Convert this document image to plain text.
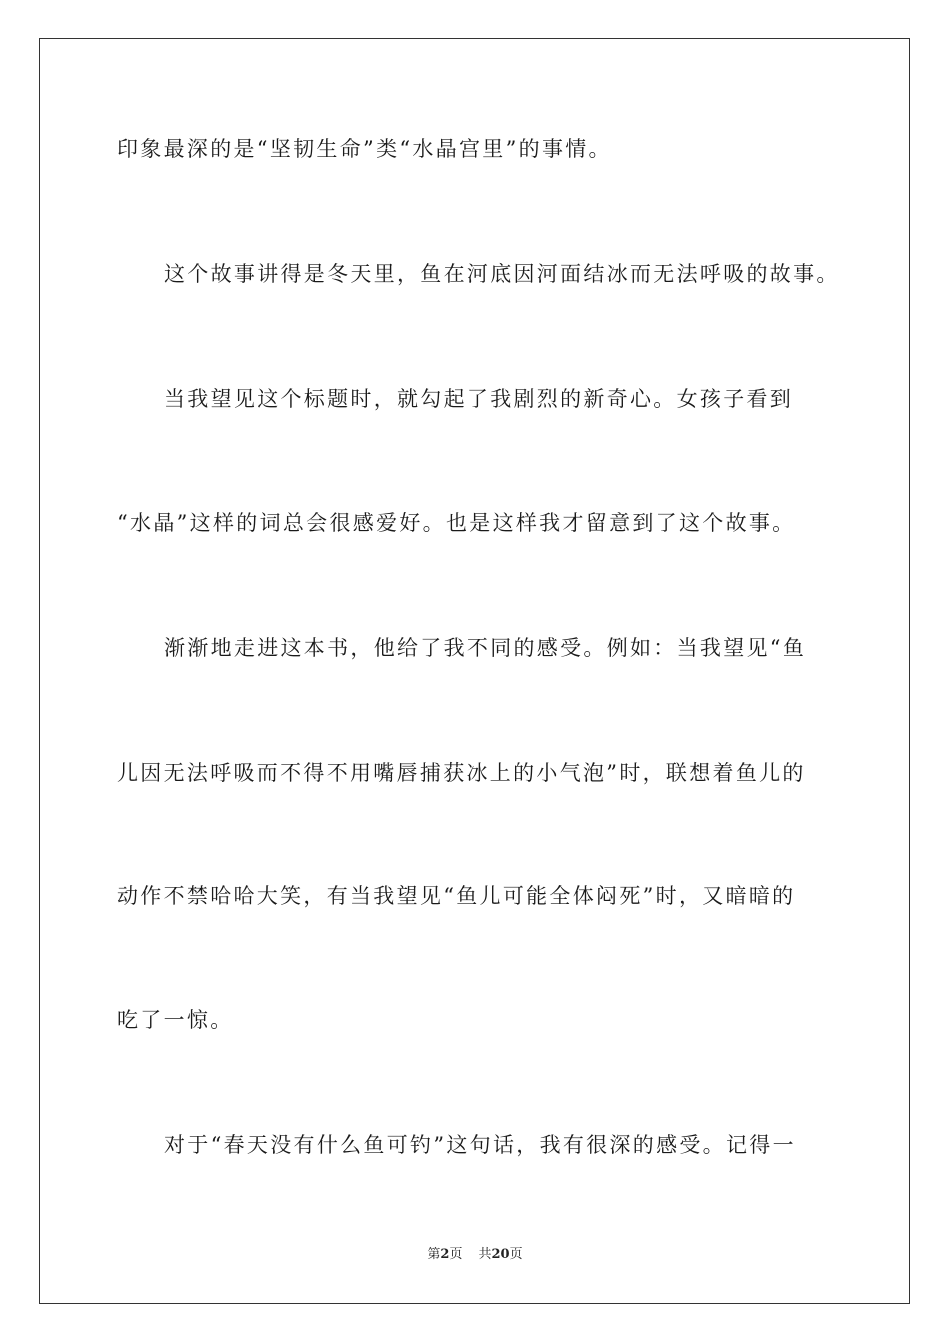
印象最深的是“坚韧生命”类“水晶宫里”的事情。
这个故事讲得是冬天里，鱼在河底因河面结冰而无法呼吸的故事。
当我望见这个标题时，就勾起了我剧烈的新奇心。女孩子看到
“水晶”这样的词总会很感爱好。也是这样我才留意到了这个故事。
渐渐地走进这本书，他给了我不同的感受。例如：当我望见“鱼
儿因无法呼吸而不得不用嘴唇捕获冰上的小气泡”时，联想着鱼儿的
动作不禁哈哈大笑，有当我望见“鱼儿可能全体闷死”时，又暗暗的
吃了一惊。
对于“春天没有什么鱼可钓”这句话，我有很深的感受。记得一
第2页 共20页
